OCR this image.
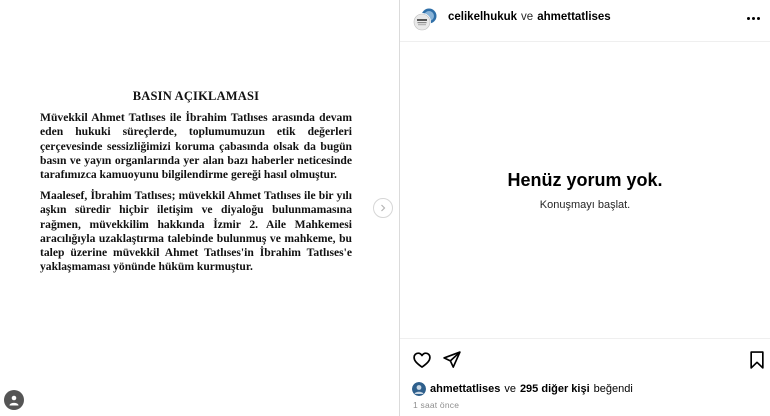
BASIN AÇIKLAMASI

Müvekkil Ahmet Tatlıses ile İbrahim Tatlıses arasında devam eden hukuki süreçlerde, toplumumuzun etik değerleri çerçevesinde sessizliğimizi koruma çabasında olsak da bugün basın ve yayın organlarında yer alan bazı haberler neticesinde tarafımızca kamuoyunu bilgilendirme gereği hasıl olmuştur.

Maalesef, İbrahim Tatlıses; müvekkil Ahmet Tatlıses ile bir yılı aşkın süredir hiçbir iletişim ve diyaloğu bulunmamasına rağmen, müvekkilim hakkında İzmir 2. Aile Mahkemesi aracılığıyla uzaklaştırma talebinde bulunmuş ve mahkeme, bu talep üzerine müvekkil Ahmet Tatlıses'in İbrahim Tatlıses'e yaklaşmaması yönünde hüküm kurmuştur.

celikelhukuk ve ahmettatlises
Henüz yorum yok.
Konuşmayı başlat.
ahmettatlises ve 295 diğer kişi beğendi
1 saat önce
